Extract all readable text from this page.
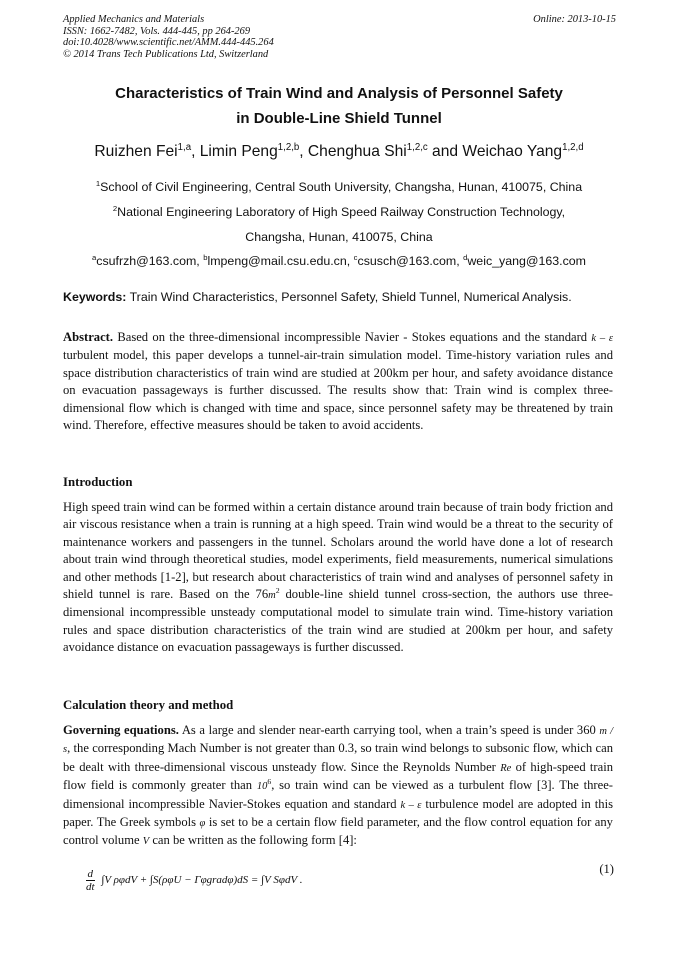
Applied Mechanics and Materials
ISSN: 1662-7482, Vols. 444-445, pp 264-269
doi:10.4028/www.scientific.net/AMM.444-445.264
© 2014 Trans Tech Publications Ltd, Switzerland
Online: 2013-10-15
Characteristics of Train Wind and Analysis of Personnel Safety
in Double-Line Shield Tunnel
Ruizhen Fei$^{1,a}$, Limin Peng$^{1,2,b}$, Chenghua Shi$^{1,2,c}$ and Weichao Yang$^{1,2,d}$
$^1$School of Civil Engineering, Central South University, Changsha, Hunan, 410075, China
$^2$National Engineering Laboratory of High Speed Railway Construction Technology,
Changsha, Hunan, 410075, China
$^a$csufrzh@163.com, $^b$lmpeng@mail.csu.edu.cn, $^c$csusch@163.com, $^d$weic_yang@163.com
Keywords: Train Wind Characteristics, Personnel Safety, Shield Tunnel, Numerical Analysis.
Abstract. Based on the three-dimensional incompressible Navier - Stokes equations and the standard k – ε turbulent model, this paper develops a tunnel-air-train simulation model. Time-history variation rules and space distribution characteristics of train wind are studied at 200km per hour, and safety avoidance distance on evacuation passageways is further discussed. The results show that: Train wind is complex three-dimensional flow which is changed with time and space, since personnel safety may be threatened by train wind. Therefore, effective measures should be taken to avoid accidents.
Introduction
High speed train wind can be formed within a certain distance around train because of train body friction and air viscous resistance when a train is running at a high speed. Train wind would be a threat to the security of maintenance workers and passengers in the tunnel. Scholars around the world have done a lot of research about train wind through theoretical studies, model experiments, field measurements, numerical simulations and other methods [1-2], but research about characteristics of train wind and analyses of personnel safety in shield tunnel is rare. Based on the $76m^2$ double-line shield tunnel cross-section, the authors use three-dimensional incompressible unsteady computational model to simulate train wind. Time-history variation rules and space distribution characteristics of the train wind are studied at 200km per hour, and safety avoidance distance on evacuation passageways is further discussed.
Calculation theory and method
Governing equations. As a large and slender near-earth carrying tool, when a train’s speed is under 360 m / s, the corresponding Mach Number is not greater than 0.3, so train wind belongs to subsonic flow, which can be dealt with three-dimensional viscous unsteady flow. Since the Reynolds Number Re of high-speed train flow field is commonly greater than $10^6$, so train wind can be viewed as a turbulent flow [3]. The three-dimensional incompressible Navier-Stokes equation and standard k – ε turbulence model are adopted in this paper. The Greek symbols φ is set to be a certain flow field parameter, and the flow control equation for any control volume V can be written as the following form [4]:
$\frac{d}{dt} \int V$ ρφdV + ∫S(ρφU − Γφgradφ)dS = ∫V SφdV .
(1)
